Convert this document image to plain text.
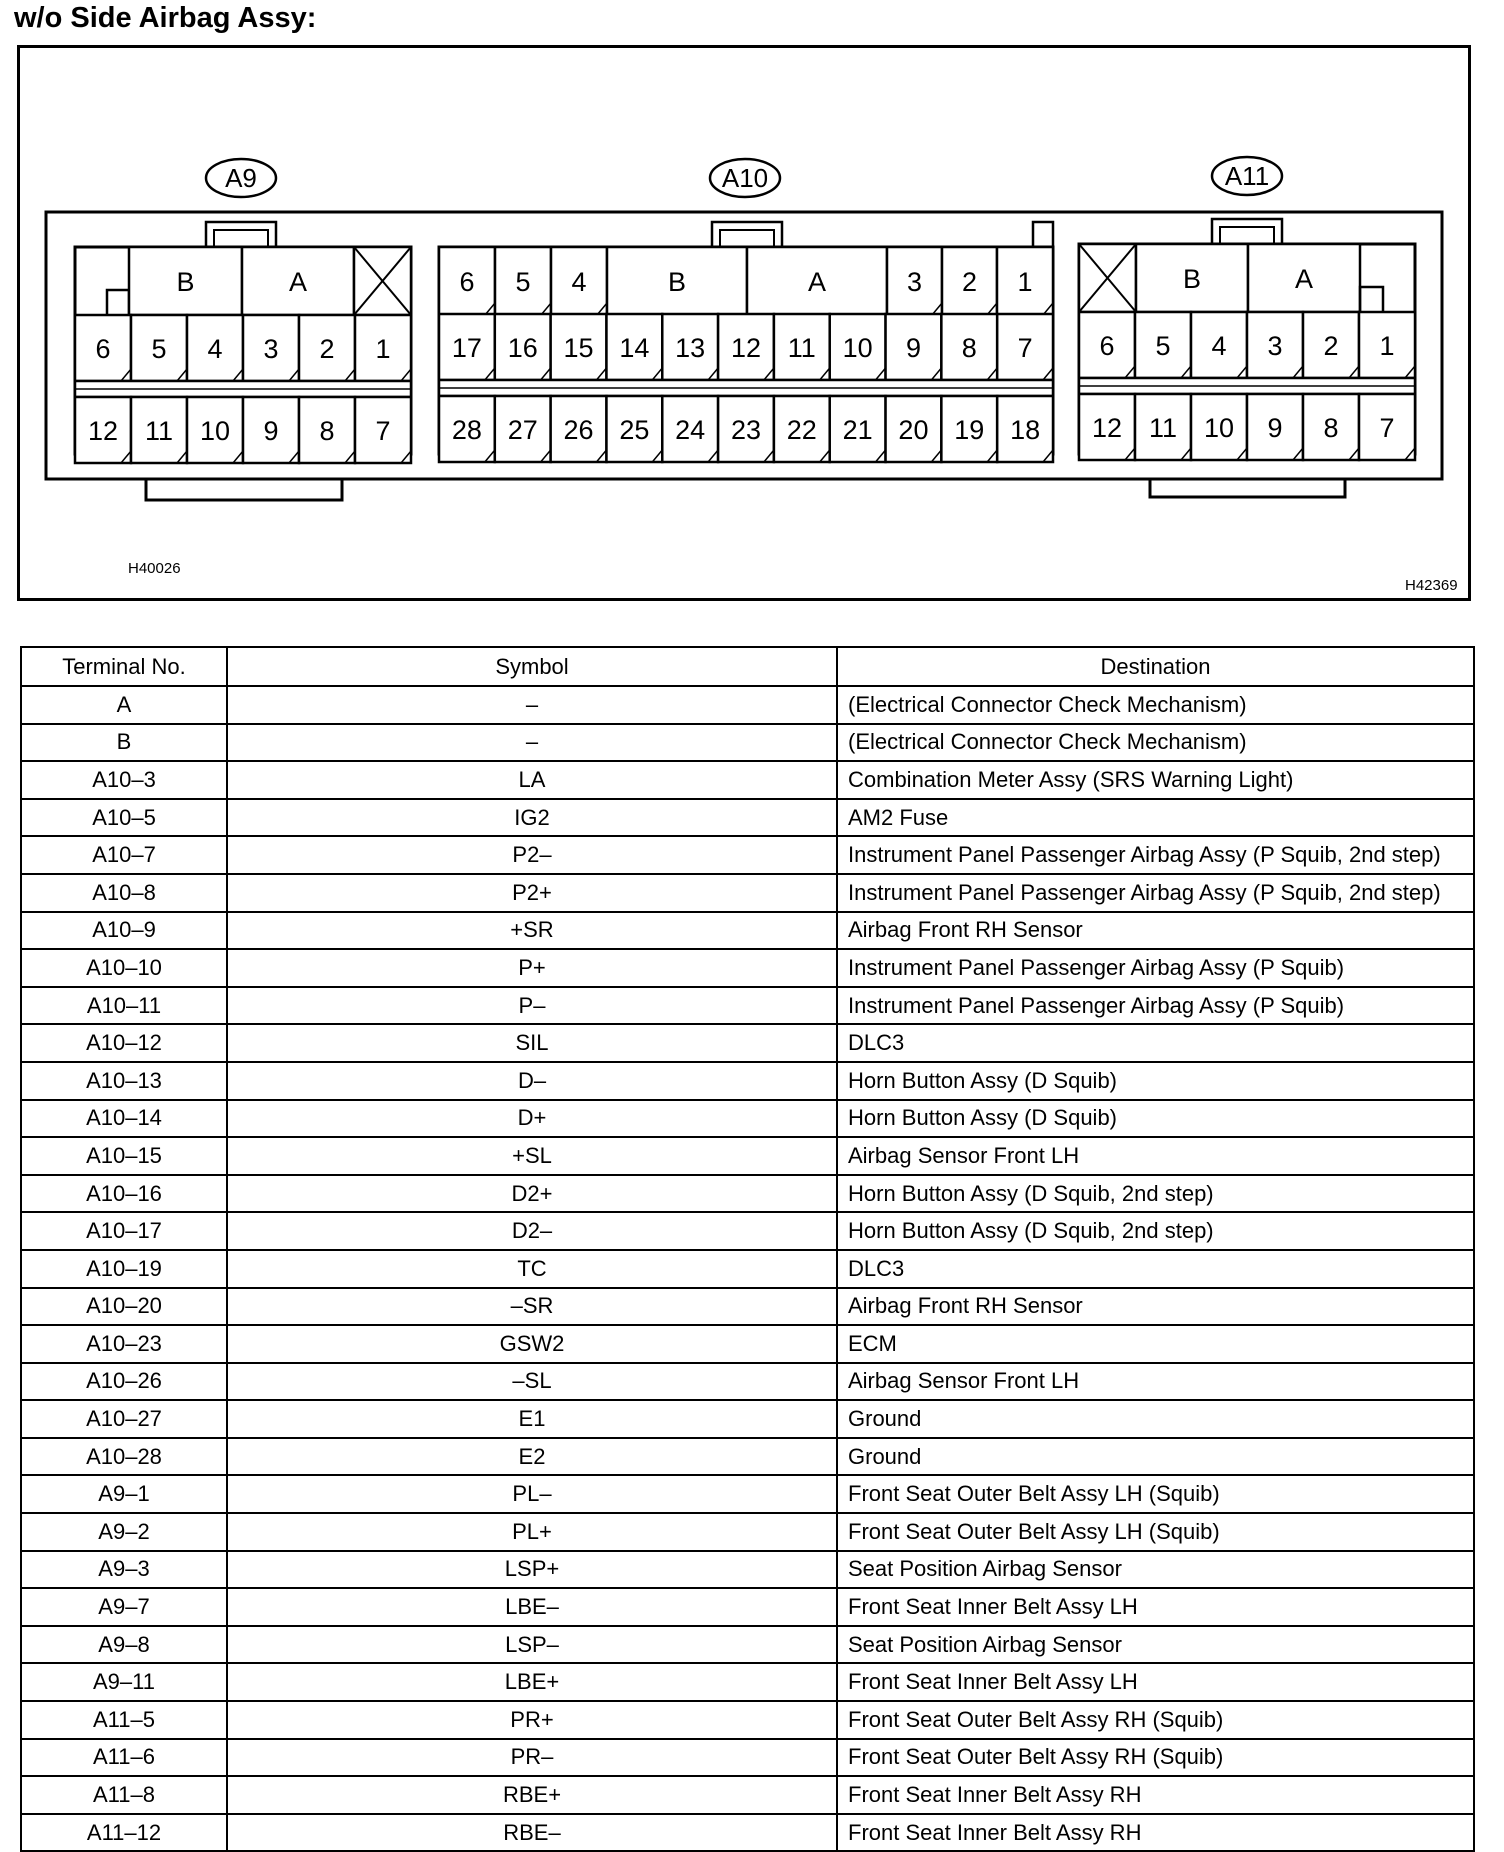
w/o Side Airbag Assy:
A9
B	A
6 5 4 3 2 1
12 11 10 9 8 7
A10
6 5 4	B	A	3 2 1
17 16 15 14 13 12 11 10 9 8 7
28 27 26 25 24 23 22 21 20 19 18
A11
B	A
6 5 4 3 2 1
12 11 10 9 8 7
H40026
H42369
Terminal No.	Symbol	Destination
A	–	(Electrical Connector Check Mechanism)
B	–	(Electrical Connector Check Mechanism)
A10–3	LA	Combination Meter Assy (SRS Warning Light)
A10–5	IG2	AM2 Fuse
A10–7	P2–	Instrument Panel Passenger Airbag Assy (P Squib, 2nd step)
A10–8	P2+	Instrument Panel Passenger Airbag Assy (P Squib, 2nd step)
A10–9	+SR	Airbag Front RH Sensor
A10–10	P+	Instrument Panel Passenger Airbag Assy (P Squib)
A10–11	P–	Instrument Panel Passenger Airbag Assy (P Squib)
A10–12	SIL	DLC3
A10–13	D–	Horn Button Assy (D Squib)
A10–14	D+	Horn Button Assy (D Squib)
A10–15	+SL	Airbag Sensor Front LH
A10–16	D2+	Horn Button Assy (D Squib, 2nd step)
A10–17	D2–	Horn Button Assy (D Squib, 2nd step)
A10–19	TC	DLC3
A10–20	–SR	Airbag Front RH Sensor
A10–23	GSW2	ECM
A10–26	–SL	Airbag Sensor Front LH
A10–27	E1	Ground
A10–28	E2	Ground
A9–1	PL–	Front Seat Outer Belt Assy LH (Squib)
A9–2	PL+	Front Seat Outer Belt Assy LH (Squib)
A9–3	LSP+	Seat Position Airbag Sensor
A9–7	LBE–	Front Seat Inner Belt Assy LH
A9–8	LSP–	Seat Position Airbag Sensor
A9–11	LBE+	Front Seat Inner Belt Assy LH
A11–5	PR+	Front Seat Outer Belt Assy RH (Squib)
A11–6	PR–	Front Seat Outer Belt Assy RH (Squib)
A11–8	RBE+	Front Seat Inner Belt Assy RH
A11–12	RBE–	Front Seat Inner Belt Assy RH
